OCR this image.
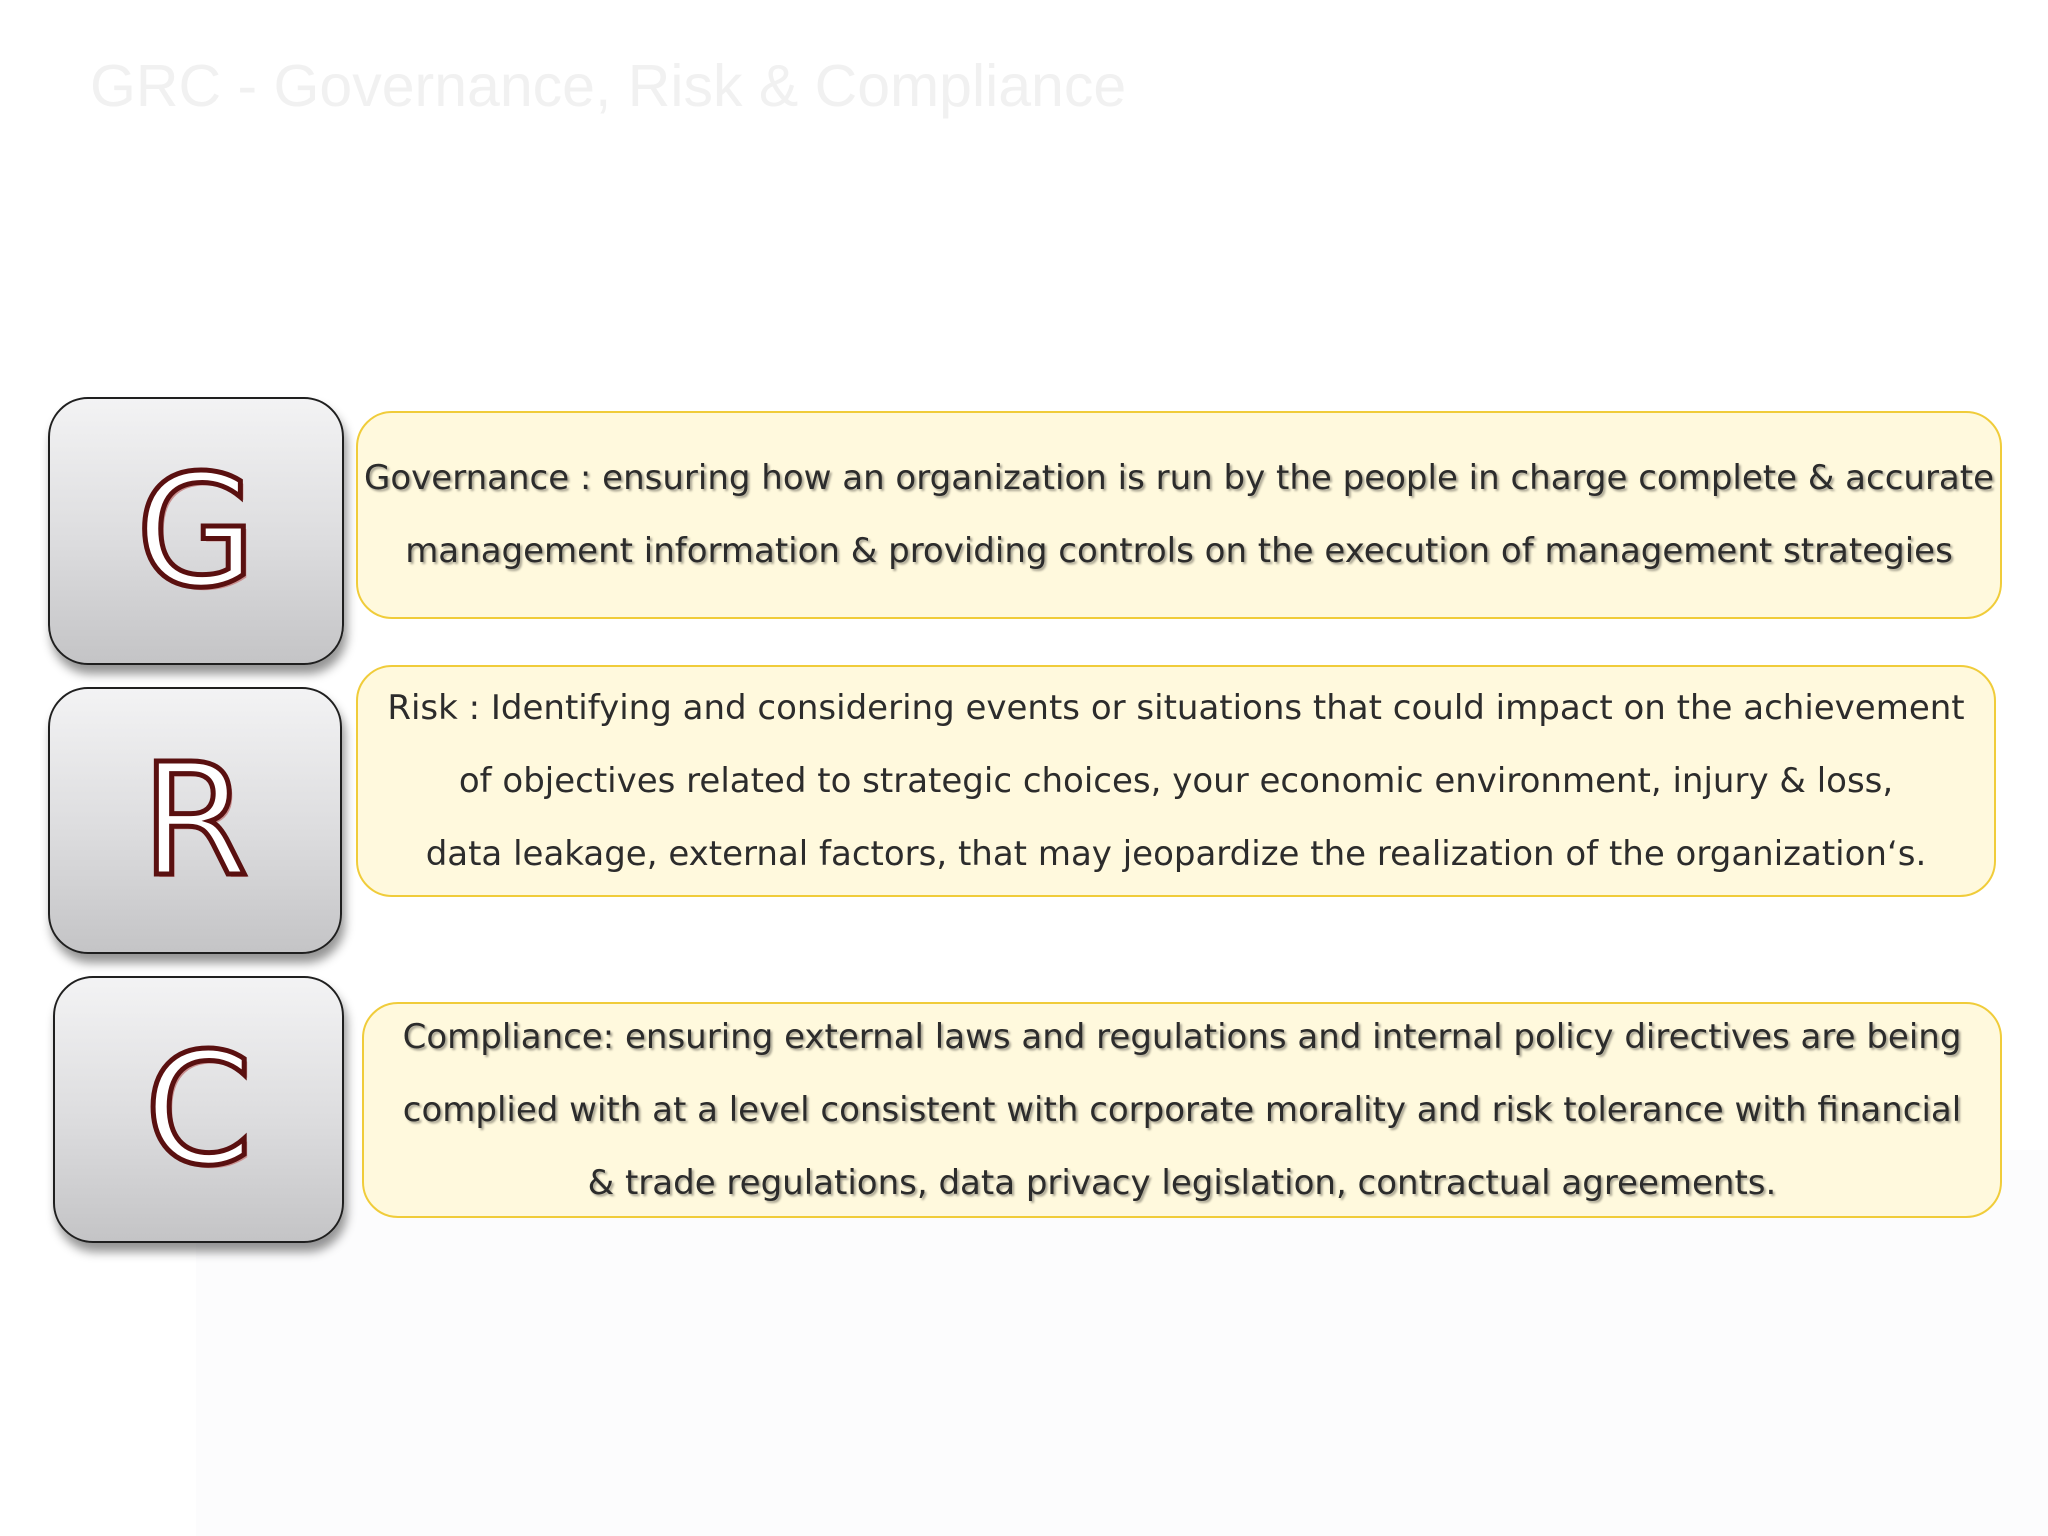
GRC - Governance, Risk & Compliance
G	Governance : ensuring how an organization is run by the people in charge complete & accurate
management information & providing controls on the execution of management strategies
R
Risk : Identifying and considering events or situations that could impact on the achievement
of objectives related to strategic choices, your economic environment, injury & loss,
data leakage, external factors, that may jeopardize the realization of the organization‘s.
C	Compliance: ensuring external laws and regulations and internal policy directives are being
complied with at a level consistent with corporate morality and risk tolerance with financial
& trade regulations, data privacy legislation, contractual agreements.
